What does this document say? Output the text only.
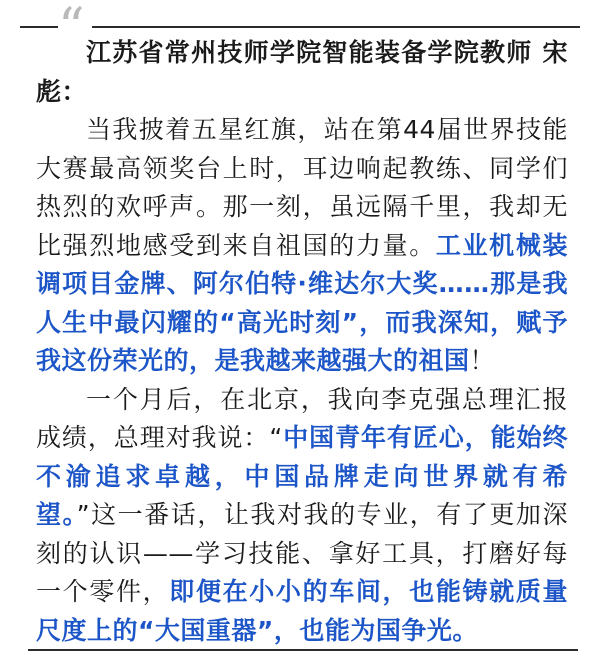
“ 江苏省常州技师学院智能装备学院教师 宋彪：

当我披着五星红旗，站在第44届世界技能大赛最高领奖台上时，耳边响起教练、同学们热烈的欢呼声。那一刻，虽远隔千里，我却无比强烈地感受到来自祖国的力量。工业机械装调项目金牌、阿尔伯特·维达尔大奖……那是我人生中最闪耀的“高光时刻”，而我深知，赋予我这份荣光的，是我越来越强大的祖国！

一个月后，在北京，我向李克强总理汇报成绩，总理对我说：“中国青年有匠心，能始终不渝追求卓越，中国品牌走向世界就有希望。”这一番话，让我对我的专业，有了更加深刻的认识——学习技能、拿好工具，打磨好每一个零件，即便在小小的车间，也能铸就质量尺度上的“大国重器”，也能为国争光。
